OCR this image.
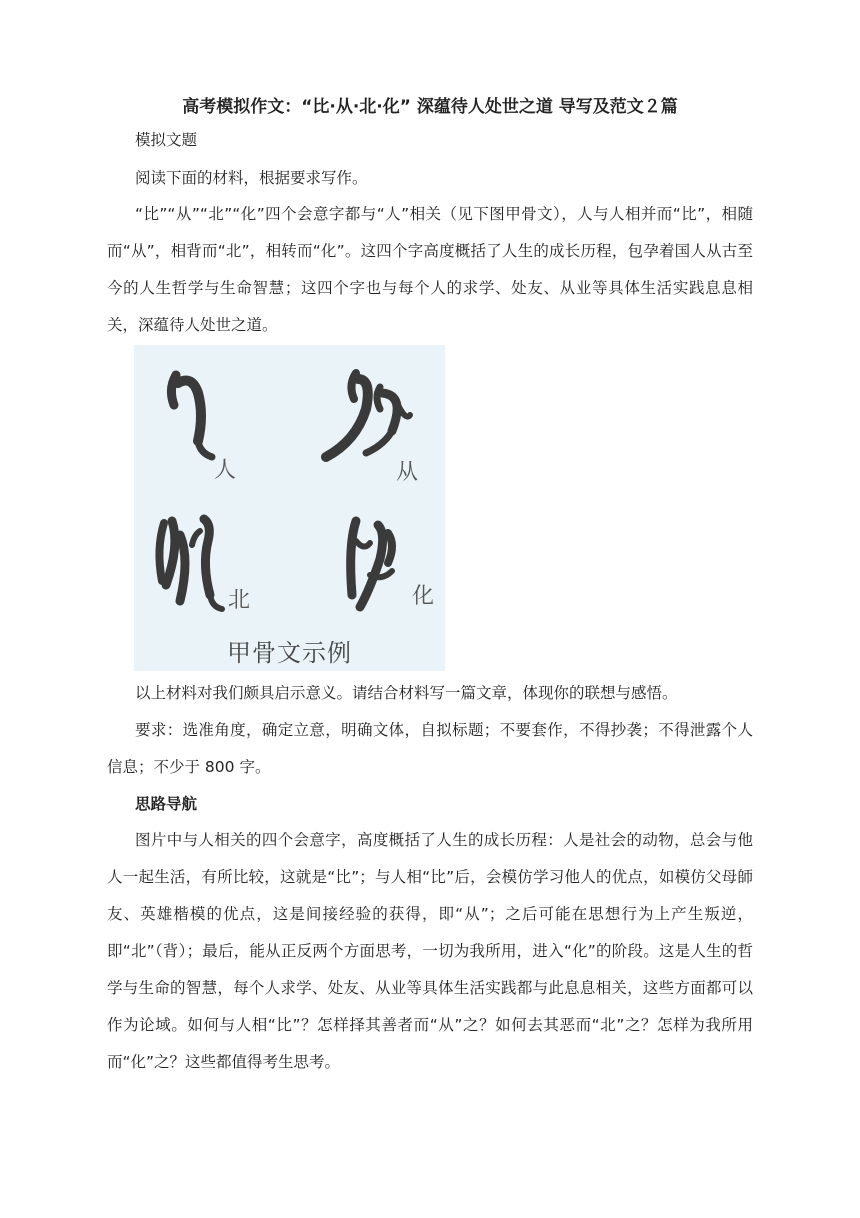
高考模拟作文：“比·从·北·化” 深蕴待人处世之道 导写及范文２篇

模拟文题

阅读下面的材料，根据要求写作。

“比”“从”“北”“化”四个会意字都与“人”相关（见下图甲骨文），人与人相并而“比”，相随而“从”，相背而“北”，相转而“化”。这四个字高度概括了人生的成长历程，包孕着国人从古至今的人生哲学与生命智慧；这四个字也与每个人的求学、处友、从业等具体生活实践息息相关，深蕴待人处世之道。

人	从
北	化
甲骨文示例

以上材料对我们颇具启示意义。请结合材料写一篇文章，体现你的联想与感悟。

要求：选准角度，确定立意，明确文体，自拟标题；不要套作，不得抄袭；不得泄露个人信息；不少于 800 字。

思路导航

图片中与人相关的四个会意字，高度概括了人生的成长历程：人是社会的动物，总会与他人一起生活，有所比较，这就是“比”；与人相“比”后，会模仿学习他人的优点，如模仿父母師友、英雄楷模的优点，这是间接经验的获得，即“从”；之后可能在思想行为上产生叛逆，即“北”（背）；最后，能从正反两个方面思考，一切为我所用，进入“化”的阶段。这是人生的哲学与生命的智慧，每个人求学、处友、从业等具体生活实践都与此息息相关，这些方面都可以作为论域。如何与人相“比”？怎样择其善者而“从”之？如何去其恶而“北”之？怎样为我所用而“化”之？这些都值得考生思考。
